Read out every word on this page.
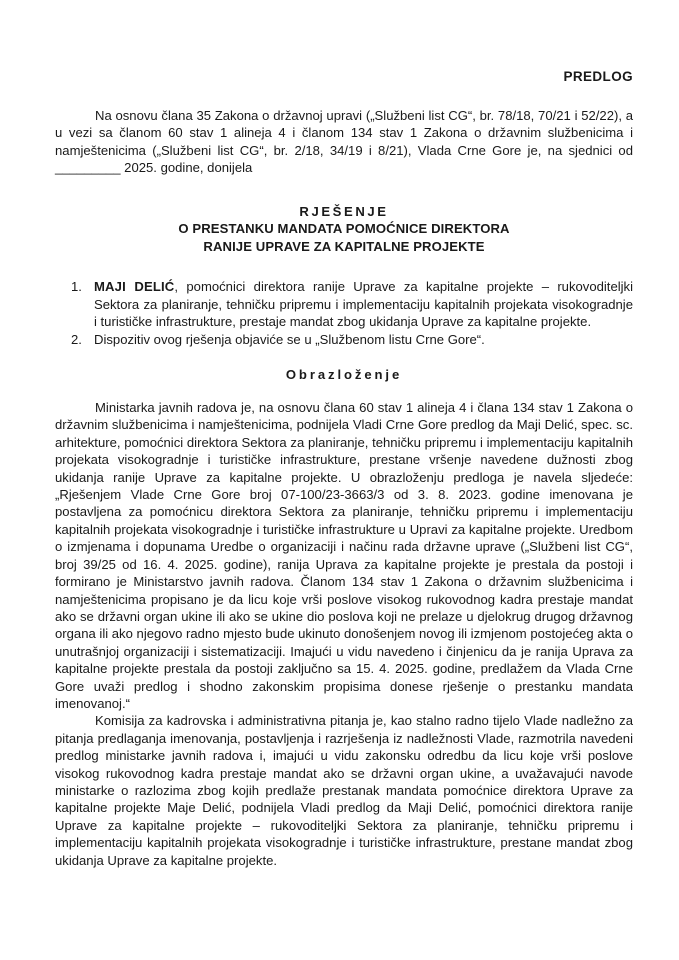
PREDLOG

Na osnovu člana 35 Zakona o državnoj upravi („Službeni list CG“, br. 78/18, 70/21 i 52/22), a u vezi sa članom 60 stav 1 alineja 4 i članom 134 stav 1 Zakona o državnim službenicima i namještenicima („Službeni list CG“, br. 2/18, 34/19 i 8/21), Vlada Crne Gore je, na sjednici od _________ 2025. godine, donijela

RJEŠENJE
O PRESTANKU MANDATA POMOĆNICE DIREKTORA
RANIJE UPRAVE ZA KAPITALNE PROJEKTE
1. MAJI DELIĆ, pomoćnici direktora ranije Uprave za kapitalne projekte – rukovoditeljki Sektora za planiranje, tehničku pripremu i implementaciju kapitalnih projekata visokogradnje i turističke infrastrukture, prestaje mandat zbog ukidanja Uprave za kapitalne projekte.
2. Dispozitiv ovog rješenja objaviće se u „Službenom listu Crne Gore“.
Obrazloženje

Ministarka javnih radova je, na osnovu člana 60 stav 1 alineja 4 i člana 134 stav 1 Zakona o državnim službenicima i namještenicima, podnijela Vladi Crne Gore predlog da Maji Delić, spec. sc. arhitekture, pomoćnici direktora Sektora za planiranje, tehničku pripremu i implementaciju kapitalnih projekata visokogradnje i turističke infrastrukture, prestane vršenje navedene dužnosti zbog ukidanja ranije Uprave za kapitalne projekte. U obrazloženju predloga je navela sljedeće: „Rješenjem Vlade Crne Gore broj 07-100/23-3663/3 od 3. 8. 2023. godine imenovana je postavljena za pomoćnicu direktora Sektora za planiranje, tehničku pripremu i implementaciju kapitalnih projekata visokogradnje i turističke infrastrukture u Upravi za kapitalne projekte. Uredbom o izmjenama i dopunama Uredbe o organizaciji i načinu rada državne uprave („Službeni list CG“, broj 39/25 od 16. 4. 2025. godine), ranija Uprava za kapitalne projekte je prestala da postoji i formirano je Ministarstvo javnih radova. Članom 134 stav 1 Zakona o državnim službenicima i namještenicima propisano je da licu koje vrši poslove visokog rukovodnog kadra prestaje mandat ako se državni organ ukine ili ako se ukine dio poslova koji ne prelaze u djelokrug drugog državnog organa ili ako njegovo radno mjesto bude ukinuto donošenjem novog ili izmjenom postojećeg akta o unutrašnjoj organizaciji i sistematizaciji. Imajući u vidu navedeno i činjenicu da je ranija Uprava za kapitalne projekte prestala da postoji zaključno sa 15. 4. 2025. godine, predlažem da Vlada Crne Gore uvaži predlog i shodno zakonskim propisima donese rješenje o prestanku mandata imenovanoj.“

Komisija za kadrovska i administrativna pitanja je, kao stalno radno tijelo Vlade nadležno za pitanja predlaganja imenovanja, postavljenja i razrješenja iz nadležnosti Vlade, razmotrila navedeni predlog ministarke javnih radova i, imajući u vidu zakonsku odredbu da licu koje vrši poslove visokog rukovodnog kadra prestaje mandat ako se državni organ ukine, a uvažavajući navode ministarke o razlozima zbog kojih predlaže prestanak mandata pomoćnice direktora Uprave za kapitalne projekte Maje Delić, podnijela Vladi predlog da Maji Delić, pomoćnici direktora ranije Uprave za kapitalne projekte – rukovoditeljki Sektora za planiranje, tehničku pripremu i implementaciju kapitalnih projekata visokogradnje i turističke infrastrukture, prestane mandat zbog ukidanja Uprave za kapitalne projekte.
